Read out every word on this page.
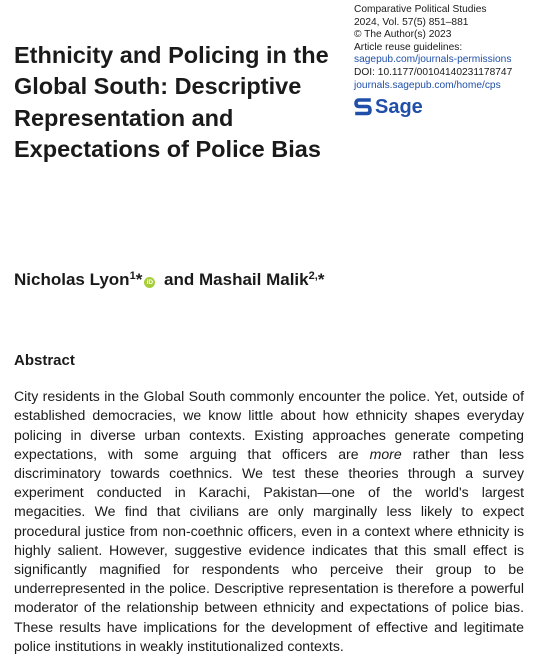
Ethnicity and Policing in the Global South: Descriptive Representation and Expectations of Police Bias
Comparative Political Studies
2024, Vol. 57(5) 851–881
© The Author(s) 2023
Article reuse guidelines:
sagepub.com/journals-permissions
DOI: 10.1177/00104140231178747
journals.sagepub.com/home/cps
Sage
Nicholas Lyon$^1$* iD and Mashail Malik$^{2,}$*
Abstract

City residents in the Global South commonly encounter the police. Yet, outside of established democracies, we know little about how ethnicity shapes everyday policing in diverse urban contexts. Existing approaches generate competing expectations, with some arguing that officers are more rather than less discriminatory towards coethnics. We test these theories through a survey experiment conducted in Karachi, Pakistan—one of the world's largest megacities. We find that civilians are only marginally less likely to expect procedural justice from non-coethnic officers, even in a context where ethnicity is highly salient. However, suggestive evidence indicates that this small effect is significantly magnified for respondents who perceive their group to be underrepresented in the police. Descriptive representation is therefore a powerful moderator of the relationship between ethnicity and expectations of police bias. These results have implications for the development of effective and legitimate police institutions in weakly institutionalized contexts.
